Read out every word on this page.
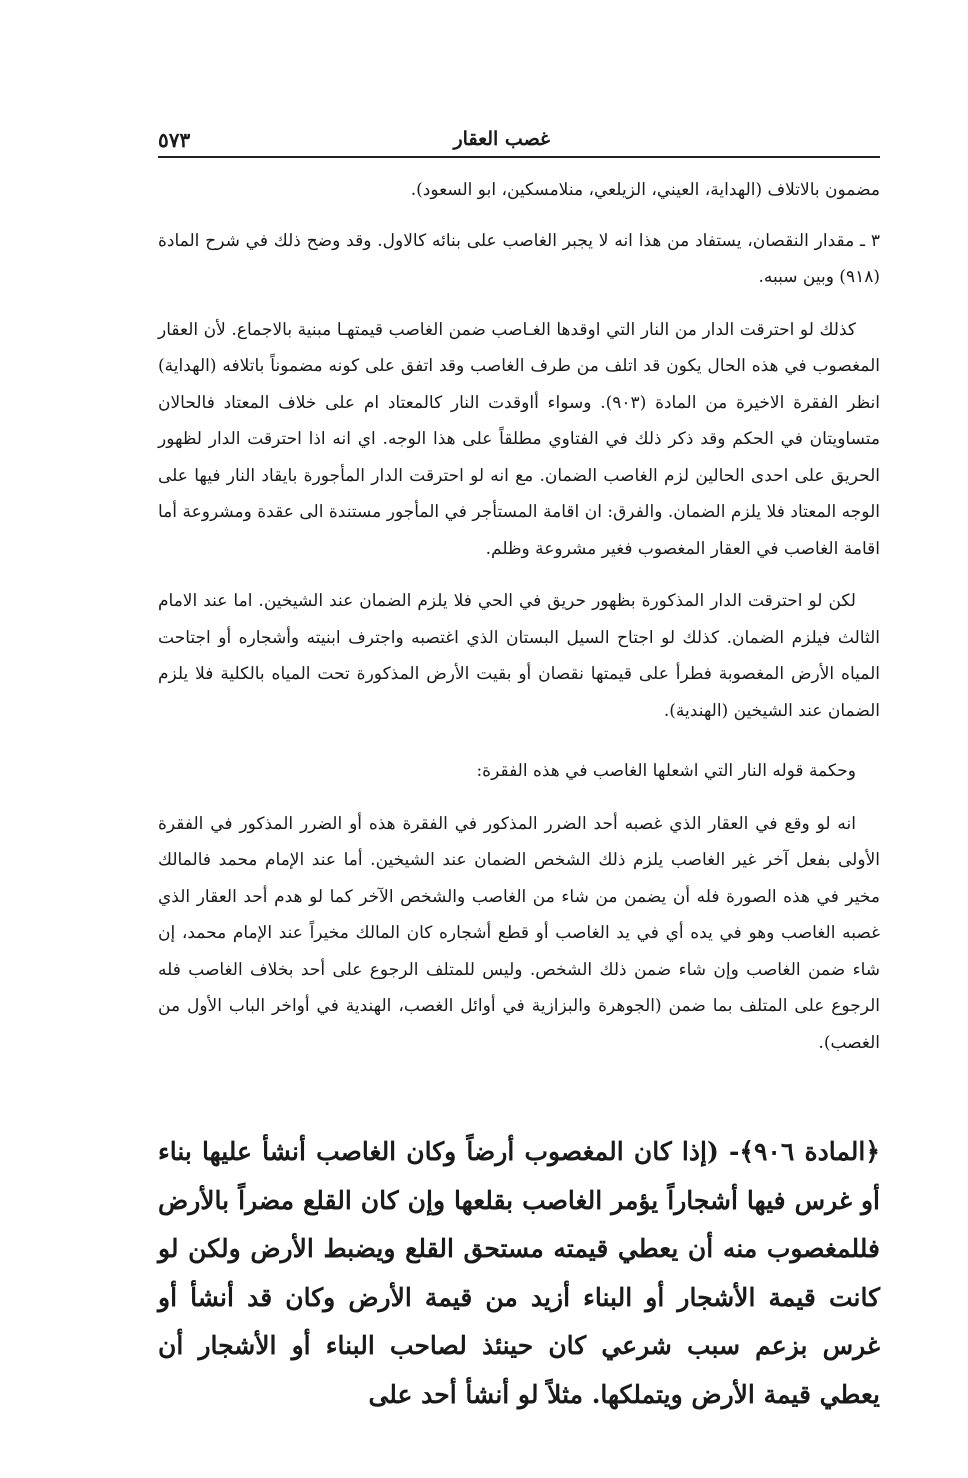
غصب العقار
٥٧٣

مضمون بالاتلاف (الهداية، العيني، الزيلعي، منلامسكين، ابو السعود).

٣ ـ مقدار النقصان، يستفاد من هذا انه لا يجبر الغاصب على بنائه كالاول. وقد وضح ذلك في شرح المادة (٩١٨) وبين سببه.

كذلك لو احترقت الدار من النار التي اوقدها الغـاصب ضمن الغاصب قيمتهـا مبنية بالاجماع. لأن العقار المغصوب في هذه الحال يكون قد اتلف من طرف الغاصب وقد اتفق على كونه مضموناً باتلافه (الهداية) انظر الفقرة الاخيرة من المادة (٩٠٣). وسواء أاوقدت النار كالمعتاد ام على خلاف المعتاد فالحالان متساويتان في الحكم وقد ذكر ذلك في الفتاوي مطلقاً على هذا الوجه. اي انه اذا احترقت الدار لظهور الحريق على احدى الحالين لزم الغاصب الضمان. مع انه لو احترقت الدار المأجورة بايقاد النار فيها على الوجه المعتاد فلا يلزم الضمان. والفرق: ان اقامة المستأجر في المأجور مستندة الى عقدة ومشروعة أما اقامة الغاصب في العقار المغصوب فغير مشروعة وظلم.

لكن لو احترقت الدار المذكورة بظهور حريق في الحي فلا يلزم الضمان عند الشيخين. اما عند الامام الثالث فيلزم الضمان. كذلك لو اجتاح السيل البستان الذي اغتصبه واجترف ابنيته وأشجاره أو اجتاحت المياه الأرض المغصوبة فطرأ على قيمتها نقصان أو بقيت الأرض المذكورة تحت المياه بالكلية فلا يلزم الضمان عند الشيخين (الهندية).

وحكمة قوله النار التي اشعلها الغاصب في هذه الفقرة:

انه لو وقع في العقار الذي غصبه أحد الضرر المذكور في الفقرة هذه أو الضرر المذكور في الفقرة الأولى بفعل آخر غير الغاصب يلزم ذلك الشخص الضمان عند الشيخين. أما عند الإمام محمد فالمالك مخير في هذه الصورة فله أن يضمن من شاء من الغاصب والشخص الآخر كما لو هدم أحد العقار الذي غصبه الغاصب وهو في يده أي في يد الغاصب أو قطع أشجاره كان المالك مخيراً عند الإمام محمد، إن شاء ضمن الغاصب وإن شاء ضمن ذلك الشخص. وليس للمتلف الرجوع على أحد بخلاف الغاصب فله الرجوع على المتلف بما ضمن (الجوهرة والبزازية في أوائل الغصب، الهندية في أواخر الباب الأول من الغصب).

﴿المادة ٩٠٦﴾- (إذا كان المغصوب أرضاً وكان الغاصب أنشأ عليها بناء أو غرس فيها أشجاراً يؤمر الغاصب بقلعها وإن كان القلع مضراً بالأرض فللمغصوب منه أن يعطي قيمته مستحق القلع ويضبط الأرض ولكن لو كانت قيمة الأشجار أو البناء أزيد من قيمة الأرض وكان قد أنشأ أو غرس بزعم سبب شرعي كان حينئذ لصاحب البناء أو الأشجار أن يعطي قيمة الأرض ويتملكها. مثلاً لو أنشأ أحد على
